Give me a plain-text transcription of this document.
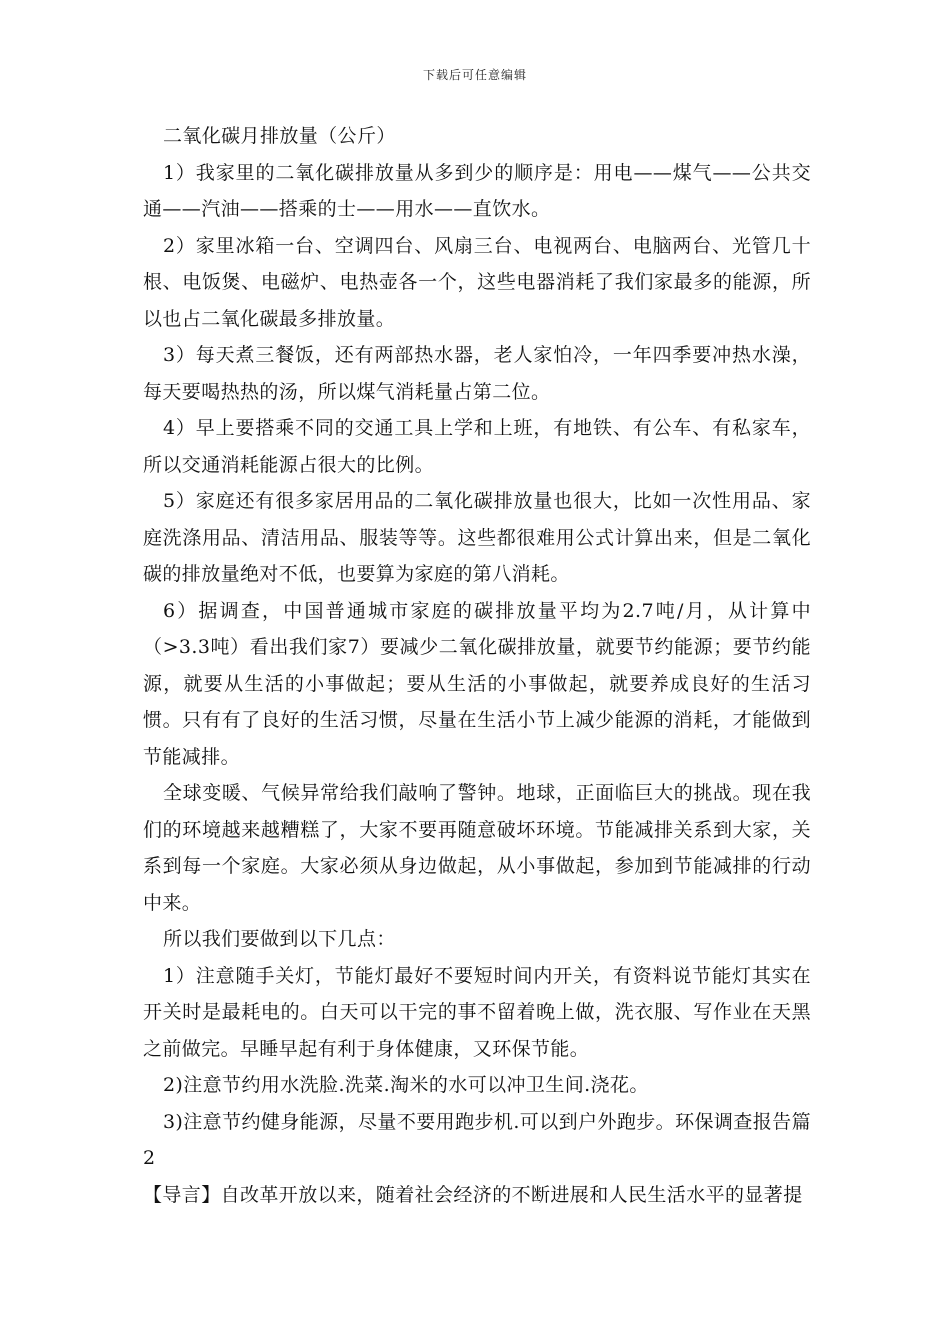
下载后可任意编辑

二氧化碳月排放量（公斤）

1）我家里的二氧化碳排放量从多到少的顺序是：用电——煤气——公共交通——汽油——搭乘的士——用水——直饮水。

2）家里冰箱一台、空调四台、风扇三台、电视两台、电脑两台、光管几十根、电饭煲、电磁炉、电热壶各一个，这些电器消耗了我们家最多的能源，所以也占二氧化碳最多排放量。

3）每天煮三餐饭，还有两部热水器，老人家怕冷，一年四季要冲热水澡，每天要喝热热的汤，所以煤气消耗量占第二位。

4）早上要搭乘不同的交通工具上学和上班，有地铁、有公车、有私家车，所以交通消耗能源占很大的比例。

5）家庭还有很多家居用品的二氧化碳排放量也很大，比如一次性用品、家庭洗涤用品、清洁用品、服装等等。这些都很难用公式计算出来，但是二氧化碳的排放量绝对不低，也要算为家庭的第八消耗。

6）据调查，中国普通城市家庭的碳排放量平均为2.7吨/月，从计算中（>3.3吨）看出我们家7）要减少二氧化碳排放量，就要节约能源；要节约能源，就要从生活的小事做起；要从生活的小事做起，就要养成良好的生活习惯。只有有了良好的生活习惯，尽量在生活小节上减少能源的消耗，才能做到节能减排。

全球变暖、气候异常给我们敲响了警钟。地球，正面临巨大的挑战。现在我们的环境越来越糟糕了，大家不要再随意破坏环境。节能减排关系到大家，关系到每一个家庭。大家必须从身边做起，从小事做起，参加到节能减排的行动中来。

所以我们要做到以下几点：

1）注意随手关灯，节能灯最好不要短时间内开关，有资料说节能灯其实在开关时是最耗电的。白天可以干完的事不留着晚上做，洗衣服、写作业在天黑之前做完。早睡早起有利于身体健康，又环保节能。

2)注意节约用水洗脸.洗菜.淘米的水可以冲卫生间.浇花。

3)注意节约健身能源，尽量不要用跑步机.可以到户外跑步。环保调查报告篇2

【导言】自改革开放以来，随着社会经济的不断进展和人民生活水平的显著提
